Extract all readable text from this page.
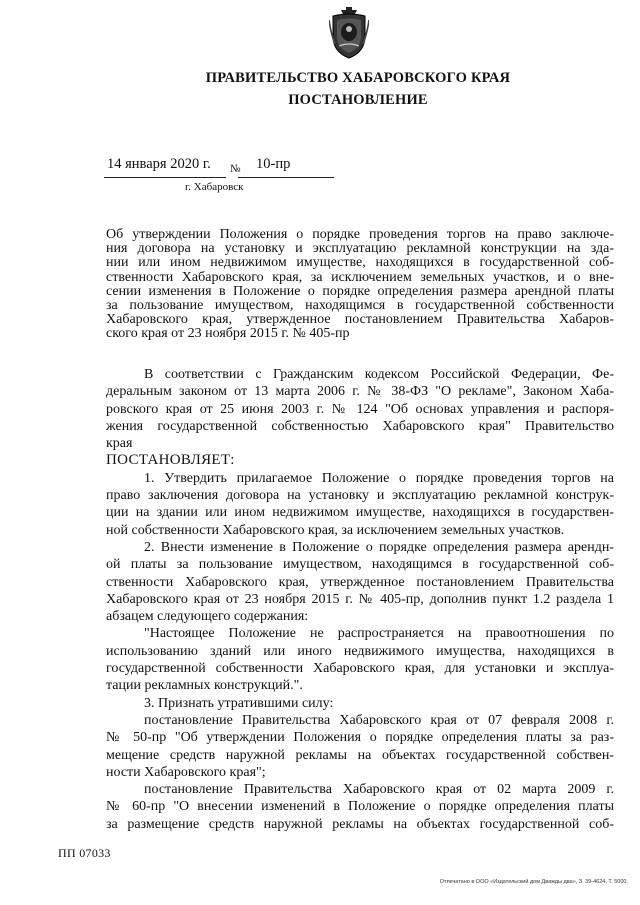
ПРАВИТЕЛЬСТВО ХАБАРОВСКОГО КРАЯ
ПОСТАНОВЛЕНИЕ
14 января 2020 г. № 10-пр
г. Хабаровск
Об утверждении Положения о порядке проведения торгов на право заключе-
ния договора на установку и эксплуатацию рекламной конструкции на зда-
нии или ином недвижимом имуществе, находящихся в государственной соб-
ственности Хабаровского края, за исключением земельных участков, и о вне-
сении изменения в Положение о порядке определения размера арендной платы
за пользование имуществом, находящимся в государственной собственности
Хабаровского края, утвержденное постановлением Правительства Хабаров-
ского края от 23 ноября 2015 г. № 405-пр
В соответствии с Гражданским кодексом Российской Федерации, Фе-
деральным законом от 13 марта 2006 г. № 38-ФЗ "О рекламе", Законом Хаба-
ровского края от 25 июня 2003 г. № 124 "Об основах управления и распоря-
жения государственной собственностью Хабаровского края" Правительство
края
ПОСТАНОВЛЯЕТ:
1. Утвердить прилагаемое Положение о порядке проведения торгов на
право заключения договора на установку и эксплуатацию рекламной конструк-
ции на здании или ином недвижимом имуществе, находящихся в государствен-
ной собственности Хабаровского края, за исключением земельных участков.
2. Внести изменение в Положение о порядке определения размера арендн-
ой платы за пользование имуществом, находящимся в государственной соб-
ственности Хабаровского края, утвержденное постановлением Правительства
Хабаровского края от 23 ноября 2015 г. № 405-пр, дополнив пункт 1.2 раздела 1
абзацем следующего содержания:
"Настоящее Положение не распространяется на правоотношения по
использованию зданий или иного недвижимого имущества, находящихся в
государственной собственности Хабаровского края, для установки и эксплуа-
тации рекламных конструкций.".
3. Признать утратившими силу:
постановление Правительства Хабаровского края от 07 февраля 2008 г.
№ 50-пр "Об утверждении Положения о порядке определения платы за раз-
мещение средств наружной рекламы на объектах государственной собствен-
ности Хабаровского края";
постановление Правительства Хабаровского края от 02 марта 2009 г.
№ 60-пр "О внесении изменений в Положение о порядке определения платы
за размещение средств наружной рекламы на объектах государственной соб-
ПП 07033
Отпечатано в ООО «Издательский дом Дважды два», З. 39-4624, Т. 5000.
